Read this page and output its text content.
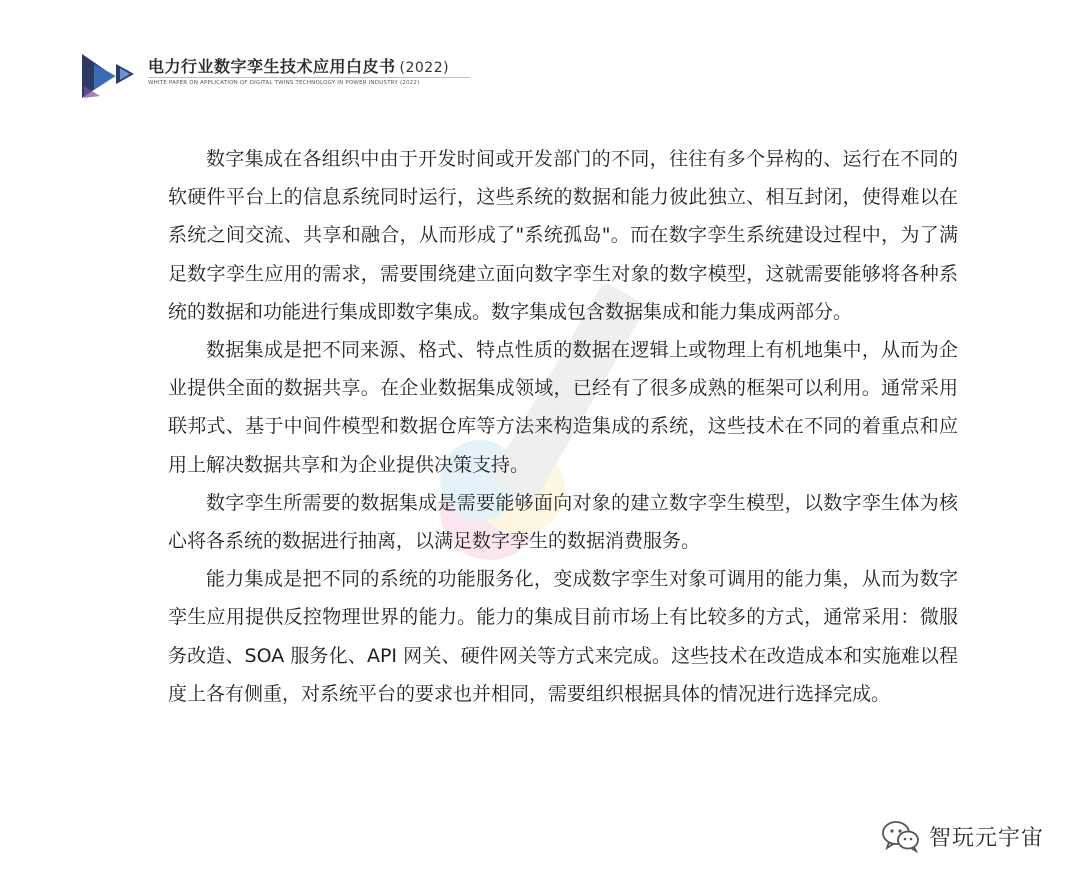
电力行业数字孪生技术应用白皮书 (2022)
WHITE PAPER ON APPLICATION OF DIGITAL TWINS TECHNOLOGY IN POWER INDUSTRY (2022)

数字集成在各组织中由于开发时间或开发部门的不同，往往有多个异构的、运行在不同的软硬件平台上的信息系统同时运行，这些系统的数据和能力彼此独立、相互封闭，使得难以在系统之间交流、共享和融合，从而形成了"系统孤岛"。而在数字孪生系统建设过程中，为了满足数字孪生应用的需求，需要围绕建立面向数字孪生对象的数字模型，这就需要能够将各种系统的数据和功能进行集成即数字集成。数字集成包含数据集成和能力集成两部分。

数据集成是把不同来源、格式、特点性质的数据在逻辑上或物理上有机地集中，从而为企业提供全面的数据共享。在企业数据集成领域，已经有了很多成熟的框架可以利用。通常采用联邦式、基于中间件模型和数据仓库等方法来构造集成的系统，这些技术在不同的着重点和应用上解决数据共享和为企业提供决策支持。

数字孪生所需要的数据集成是需要能够面向对象的建立数字孪生模型，以数字孪生体为核心将各系统的数据进行抽离，以满足数字孪生的数据消费服务。

能力集成是把不同的系统的功能服务化，变成数字孪生对象可调用的能力集，从而为数字孪生应用提供反控物理世界的能力。能力的集成目前市场上有比较多的方式，通常采用：微服务改造、SOA 服务化、API 网关、硬件网关等方式来完成。这些技术在改造成本和实施难以程度上各有侧重，对系统平台的要求也并相同，需要组织根据具体的情况进行选择完成。

智玩元宇宙
